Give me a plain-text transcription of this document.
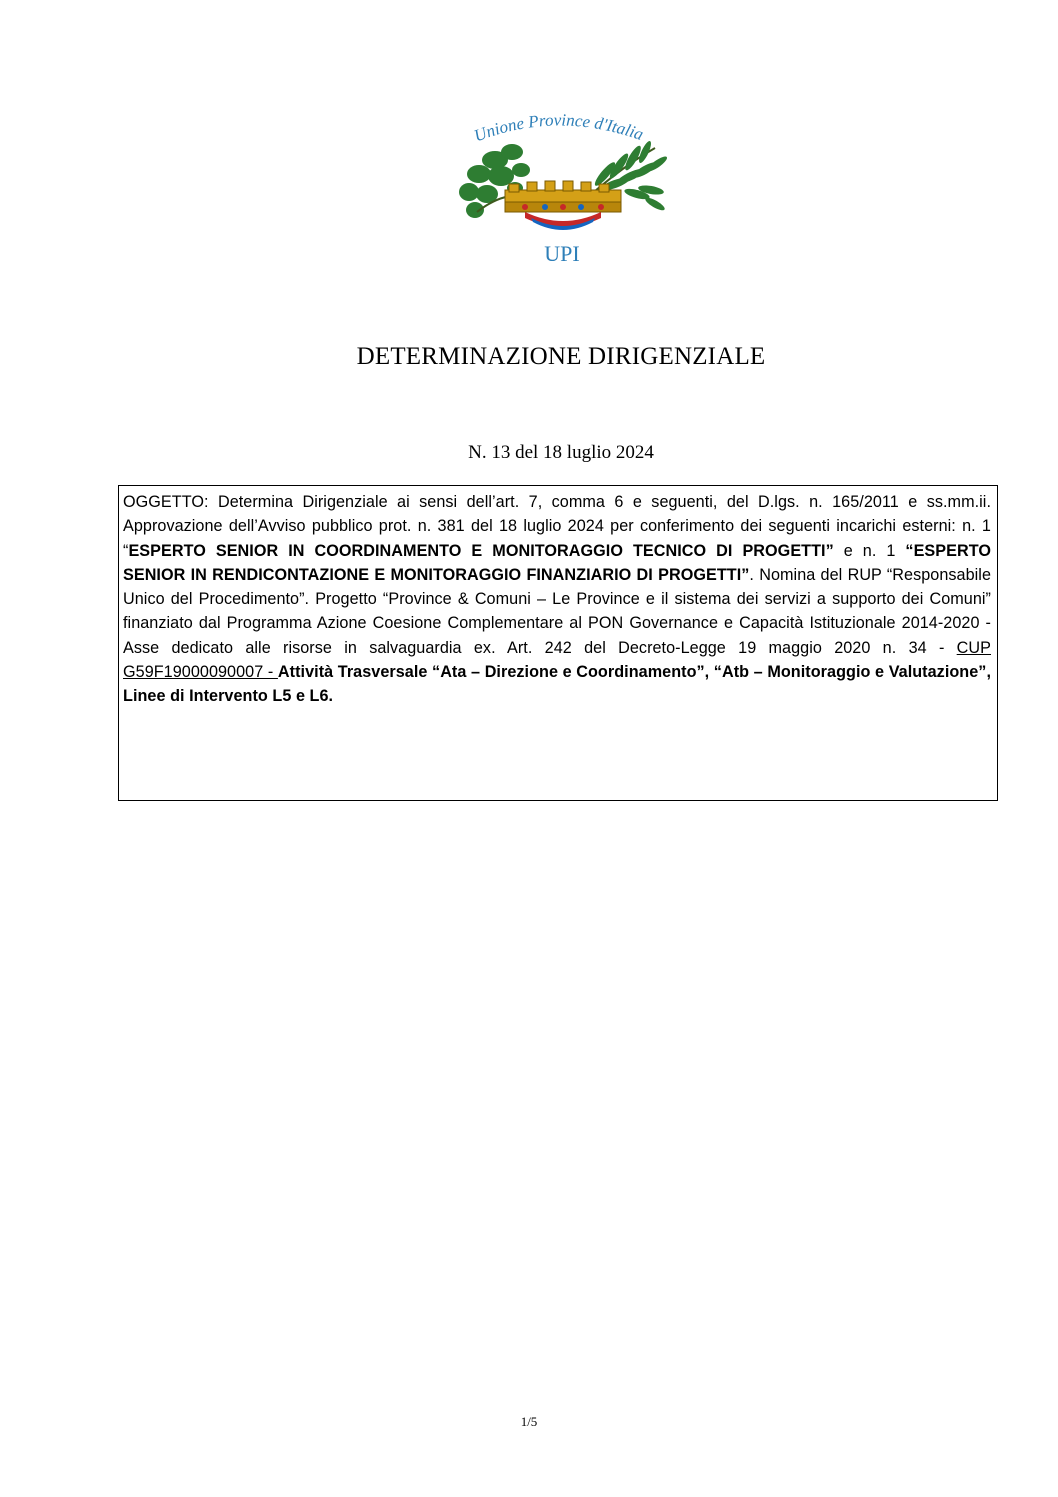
Unione Province d'Italia
UPI
DETERMINAZIONE DIRIGENZIALE
N. 13 del 18 luglio 2024

OGGETTO: Determina Dirigenziale ai sensi dell’art. 7, comma 6 e seguenti, del D.lgs. n. 165/2011 e ss.mm.ii. Approvazione dell’Avviso pubblico prot. n. 381 del 18 luglio 2024 per conferimento dei seguenti incarichi esterni: n. 1 “ESPERTO SENIOR IN COORDINAMENTO E MONITORAGGIO TECNICO DI PROGETTI” e n. 1 “ESPERTO SENIOR IN RENDICONTAZIONE E MONITORAGGIO FINANZIARIO DI PROGETTI”. Nomina del RUP “Responsabile Unico del Procedimento”. Progetto “Province & Comuni – Le Province e il sistema dei servizi a supporto dei Comuni” finanziato dal Programma Azione Coesione Complementare al PON Governance e Capacità Istituzionale 2014-2020 - Asse dedicato alle risorse in salvaguardia ex. Art. 242 del Decreto-Legge 19 maggio 2020 n. 34 - CUP G59F19000090007 - Attività Trasversale “Ata – Direzione e Coordinamento”, “Atb – Monitoraggio e Valutazione”, Linee di Intervento L5 e L6.

1/5
